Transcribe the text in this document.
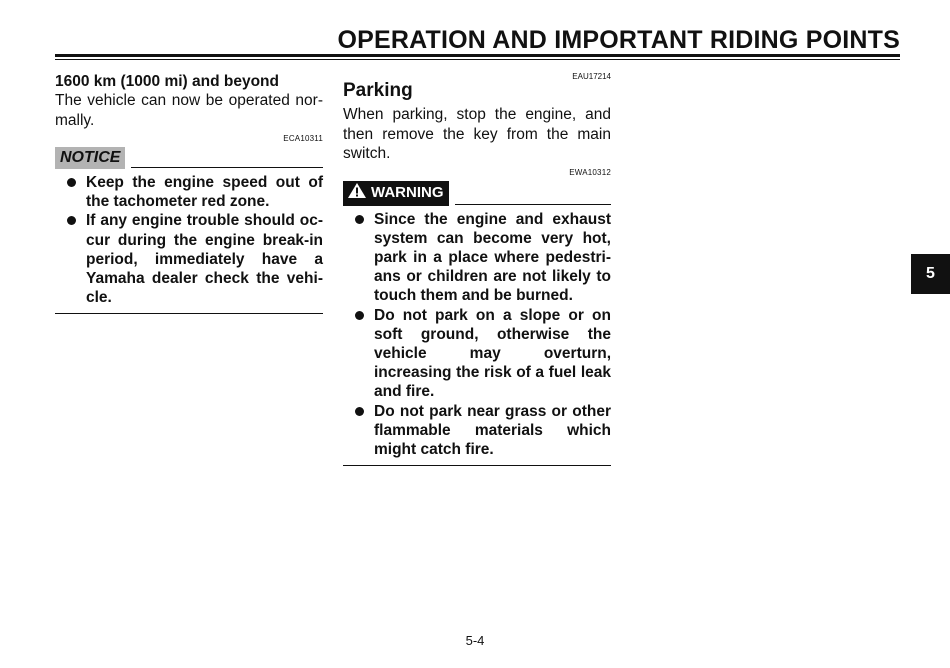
OPERATION AND IMPORTANT RIDING POINTS

1600 km (1000 mi) and beyond

The vehicle can now be operated nor-mally.

ECA10311

NOTICE
Keep the engine speed out of the tachometer red zone.
If any engine trouble should oc-cur during the engine break-in period, immediately have a Yamaha dealer check the vehi-cle.
EAU17214
Parking

When parking, stop the engine, and then remove the key from the main switch.

EWA10312

WARNING
Since the engine and exhaust system can become very hot, park in a place where pedestri-ans or children are not likely to touch them and be burned.
Do not park on a slope or on soft ground, otherwise the vehicle may overturn, increasing the risk of a fuel leak and fire.
Do not park near grass or other flammable materials which might catch fire.
5-4
5
